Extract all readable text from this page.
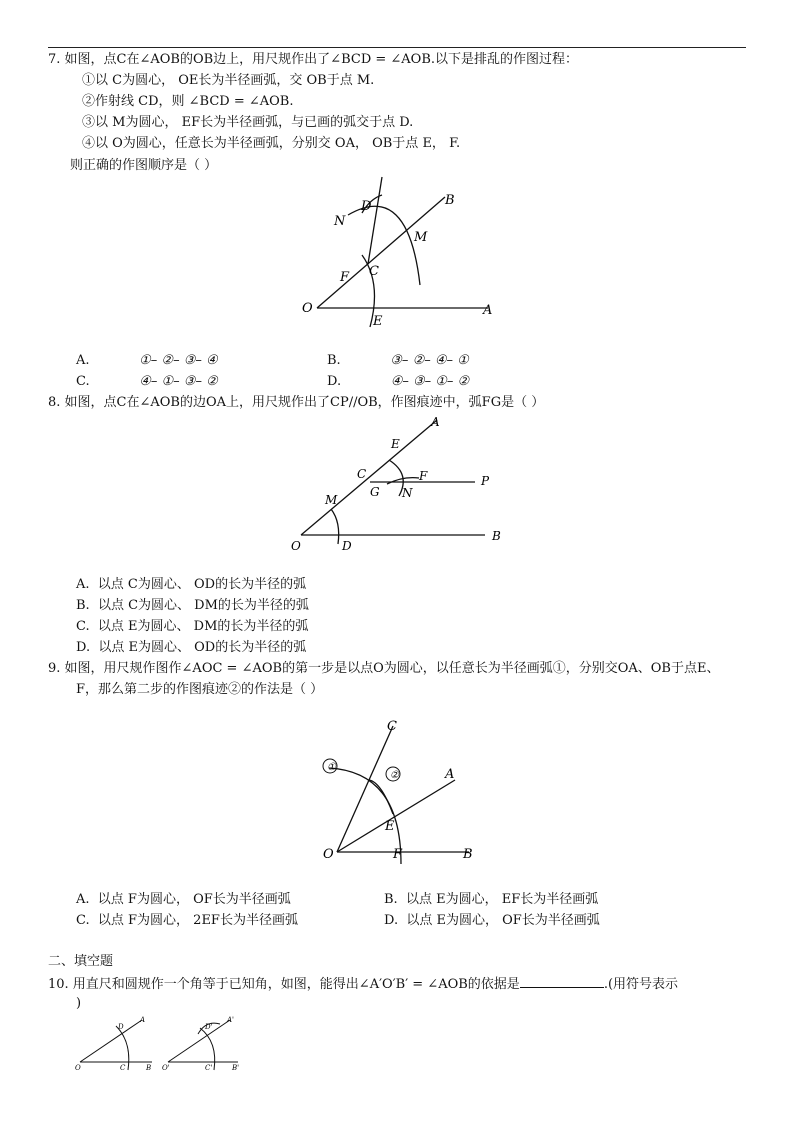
7. 如图，点C在∠AOB的OB边上，用尺规作出了∠BCD = ∠AOB.以下是排乱的作图过程：
①以 C为圆心， OE长为半径画弧，交 OB于点 M.
②作射线 CD，则 ∠BCD = ∠AOB.
③以 M为圆心， EF长为半径画弧，与已画的弧交于点 D.
④以 O为圆心，任意长为半径画弧，分别交 OA， OB于点 E， F.
则正确的作图顺序是（ ）
O	A
B
C
D
E
F
M
N
A.	①– ②– ③– ④	B.	③– ②– ④– ①
C.	④– ①– ③– ②	D.	④– ③– ①– ②
8. 如图，点C在∠AOB的边OA上，用尺规作出了CP//OB，作图痕迹中，弧FG是（ ）
O
A
B
C
D
E
F
G
M	N
P
A. 以点 C为圆心、 OD的长为半径的弧
B. 以点 C为圆心、 DM的长为半径的弧
C. 以点 E为圆心、 DM的长为半径的弧
D. 以点 E为圆心、 OD的长为半径的弧
9. 如图，用尺规作图作∠AOC = ∠AOB的第一步是以点O为圆心，以任意长为半径画弧①，分别交OA、OB于点E、
F，那么第二步的作图痕迹②的作法是（ ）
①
②
O
A
B
C
E
F
A. 以点 F为圆心， OF长为半径画弧	B. 以点 E为圆心， EF长为半径画弧
C. 以点 F为圆心， 2EF长为半径画弧	D. 以点 E为圆心， OF长为半径画弧
二、填空题
10. 用直尺和圆规作一个角等于已知角，如图，能得出∠A′O′B′ = ∠AOB的依据是	.(用符号表示
)
O
A
B
C
D
O'
A'
B'
C'
D'
